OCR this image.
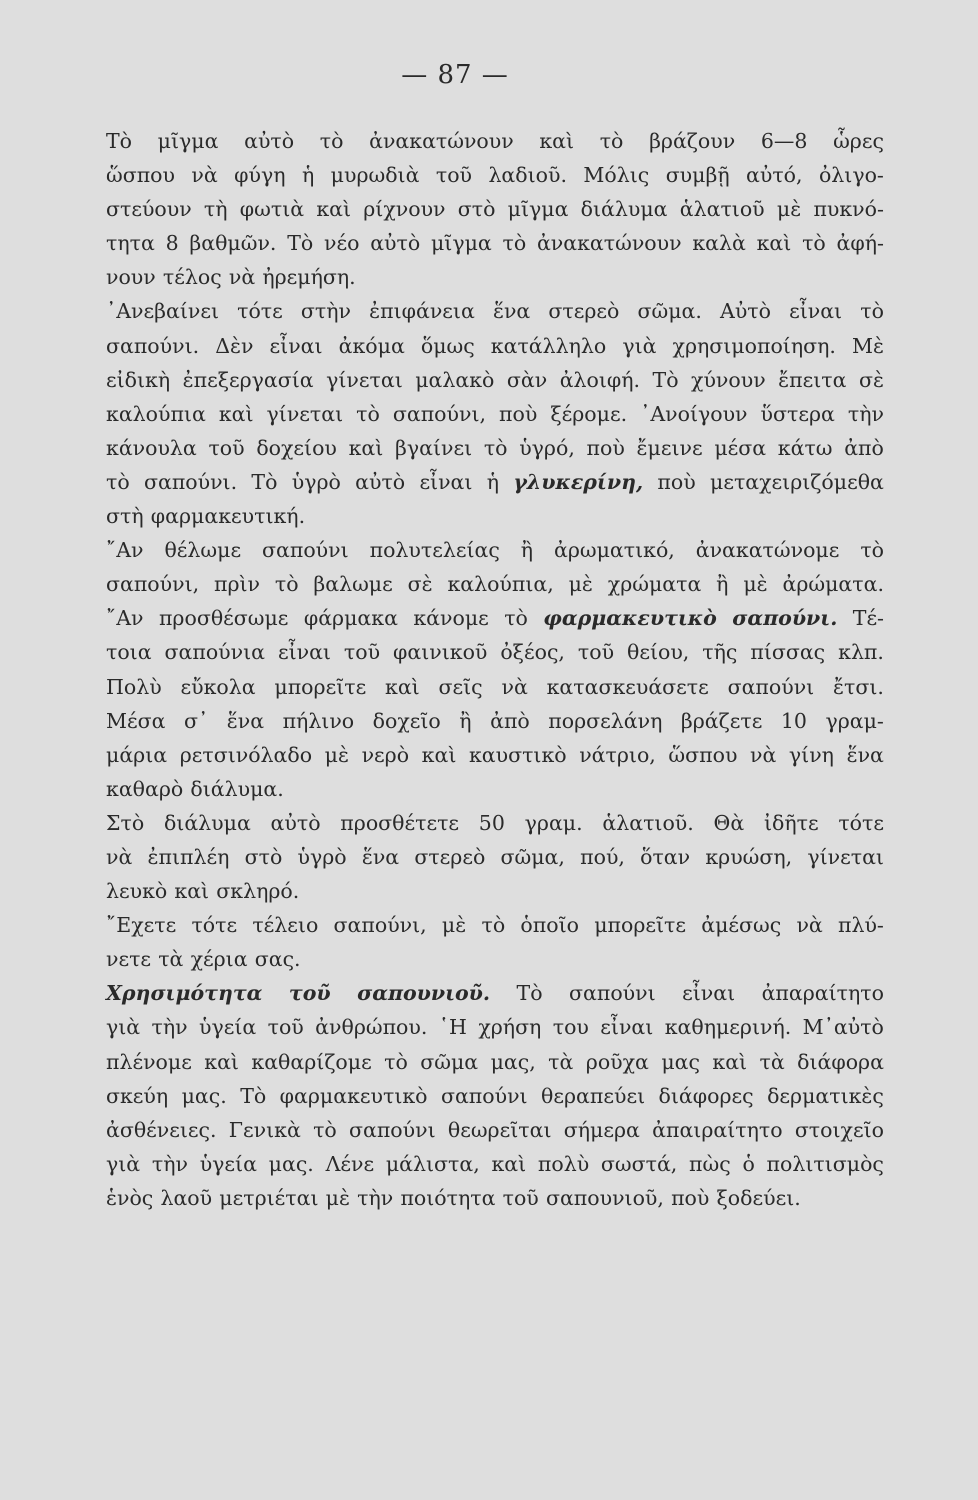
— 87 —
Τὸ μῖγμα αὐτὸ τὸ ἀνακατώνουν καὶ τὸ βράζουν 6—8 ὧρες
ὥσπου νὰ φύγη ἡ μυρωδιὰ τοῦ λαδιοῦ. Μόλις συμβῇ αὐτό, ὀλιγο-
στεύουν τὴ φωτιὰ καὶ ρίχνουν στὸ μῖγμα διάλυμα ἁλατιοῦ μὲ πυκνό-
τητα 8 βαθμῶν. Τὸ νέο αὐτὸ μῖγμα τὸ ἀνακατώνουν καλὰ καὶ τὸ ἀφή-
νουν τέλος νὰ ἠρεμήση.
᾿Ανεβαίνει τότε στὴν ἐπιφάνεια ἕνα στερεὸ σῶμα. Αὐτὸ εἶναι τὸ
σαπούνι. Δὲν εἶναι ἀκόμα ὅμως κατάλληλο γιὰ χρησιμοποίηση. Μὲ
εἰδικὴ ἐπεξεργασία γίνεται μαλακὸ σὰν ἀλοιφή. Τὸ χύνουν ἔπειτα σὲ
καλούπια καὶ γίνεται τὸ σαπούνι, ποὺ ξέρομε. ᾿Ανοίγουν ὕστερα τὴν
κάνουλα τοῦ δοχείου καὶ βγαίνει τὸ ὑγρό, ποὺ ἔμεινε μέσα κάτω ἀπὸ
τὸ σαπούνι. Τὸ ὑγρὸ αὐτὸ εἶναι ἡ γλυκερίνη, ποὺ μεταχειριζόμεθα
στὴ φαρμακευτική.
῎Αν θέλωμε σαπούνι πολυτελείας ἢ ἀρωματικό, ἀνακατώνομε τὸ
σαπούνι, πρὶν τὸ βαλωμε σὲ καλούπια, μὲ χρώματα ἢ μὲ ἀρώματα.
῎Αν προσθέσωμε φάρμακα κάνομε τὸ φαρμακευτικὸ σαπούνι. Τέ-
τοια σαπούνια εἶναι τοῦ φαινικοῦ ὀξέος, τοῦ θείου, τῆς πίσσας κλπ.
Πολὺ εὔκολα μπορεῖτε καὶ σεῖς νὰ κατασκευάσετε σαπούνι ἔτσι.
Μέσα σ᾿ ἕνα πήλινο δοχεῖο ἢ ἀπὸ πορσελάνη βράζετε 10 γραμ-
μάρια ρετσινόλαδο μὲ νερὸ καὶ καυστικὸ νάτριο, ὥσπου νὰ γίνη ἕνα
καθαρὸ διάλυμα.
Στὸ διάλυμα αὐτὸ προσθέτετε 50 γραμ. ἁλατιοῦ. Θὰ ἰδῆτε τότε
νὰ ἐπιπλέη στὸ ὑγρὸ ἕνα στερεὸ σῶμα, πού, ὅταν κρυώση, γίνεται
λευκὸ καὶ σκληρό.
῎Εχετε τότε τέλειο σαπούνι, μὲ τὸ ὁποῖο μπορεῖτε ἀμέσως νὰ πλύ-
νετε τὰ χέρια σας.
Χρησιμότητα τοῦ σαπουνιοῦ. Τὸ σαπούνι εἶναι ἀπαραίτητο
γιὰ τὴν ὑγεία τοῦ ἀνθρώπου. ῾Η χρήση του εἶναι καθημερινή. Μ᾿αὐτὸ
πλένομε καὶ καθαρίζομε τὸ σῶμα μας, τὰ ροῦχα μας καὶ τὰ διάφορα
σκεύη μας. Τὸ φαρμακευτικὸ σαπούνι θεραπεύει διάφορες δερματικὲς
ἀσθένειες. Γενικὰ τὸ σαπούνι θεωρεῖται σήμερα ἀπαιραίτητο στοιχεῖο
γιὰ τὴν ὑγεία μας. Λένε μάλιστα, καὶ πολὺ σωστά, πὼς ὁ πολιτισμὸς
ἑνὸς λαοῦ μετριέται μὲ τὴν ποιότητα τοῦ σαπουνιοῦ, ποὺ ξοδεύει.
